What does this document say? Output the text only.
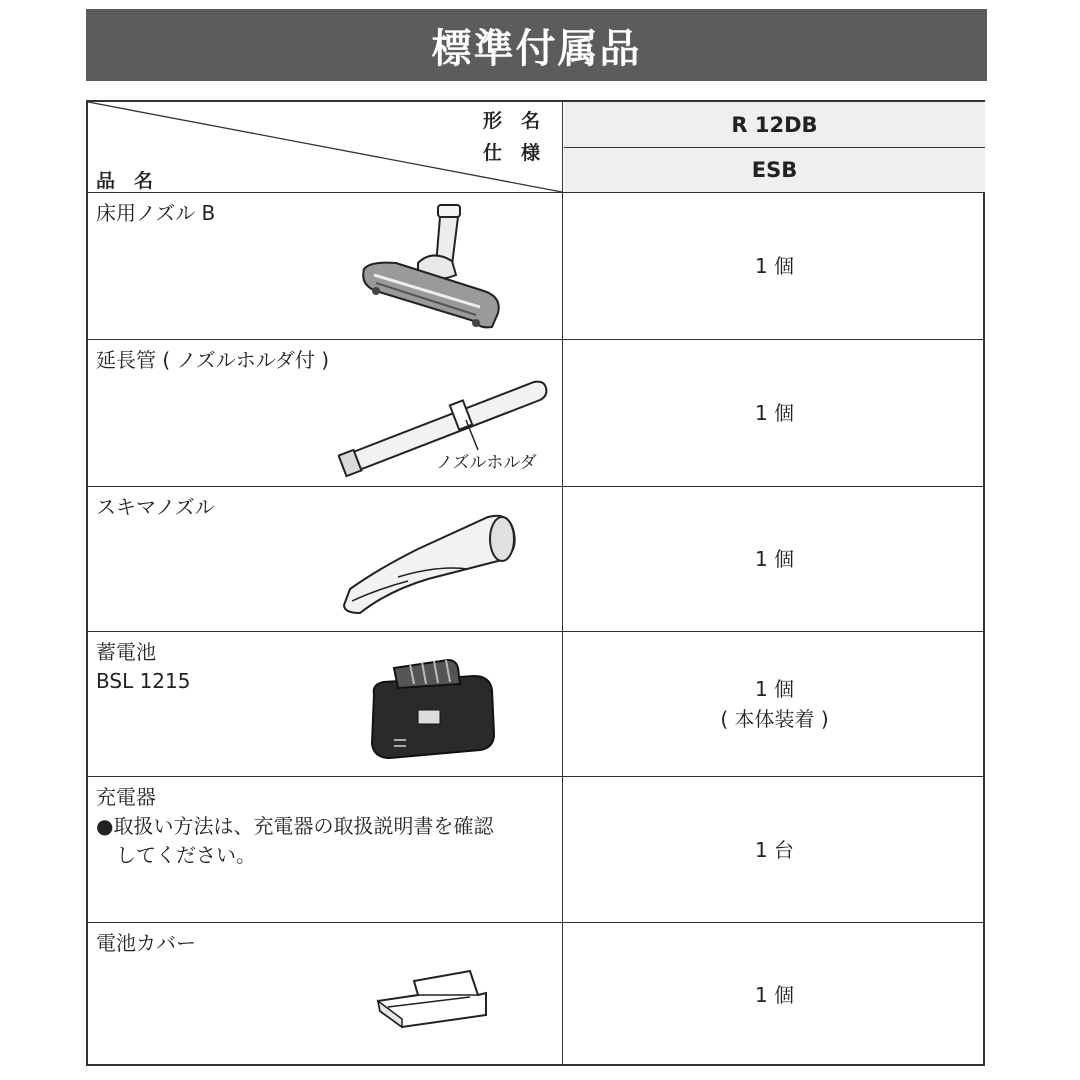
標準付属品
形　名
仕　様
品　名
R 12DB
ESB
床用ノズル B
1 個
延長管 ( ノズルホルダ付 )
ノズルホルダ
1 個
スキマノズル
1 個
蓄電池
BSL 1215	1 個
( 本体装着 )
充電器
●取扱い方法は、充電器の取扱説明書を確認
　してください。	1 台
電池カバー
1 個
